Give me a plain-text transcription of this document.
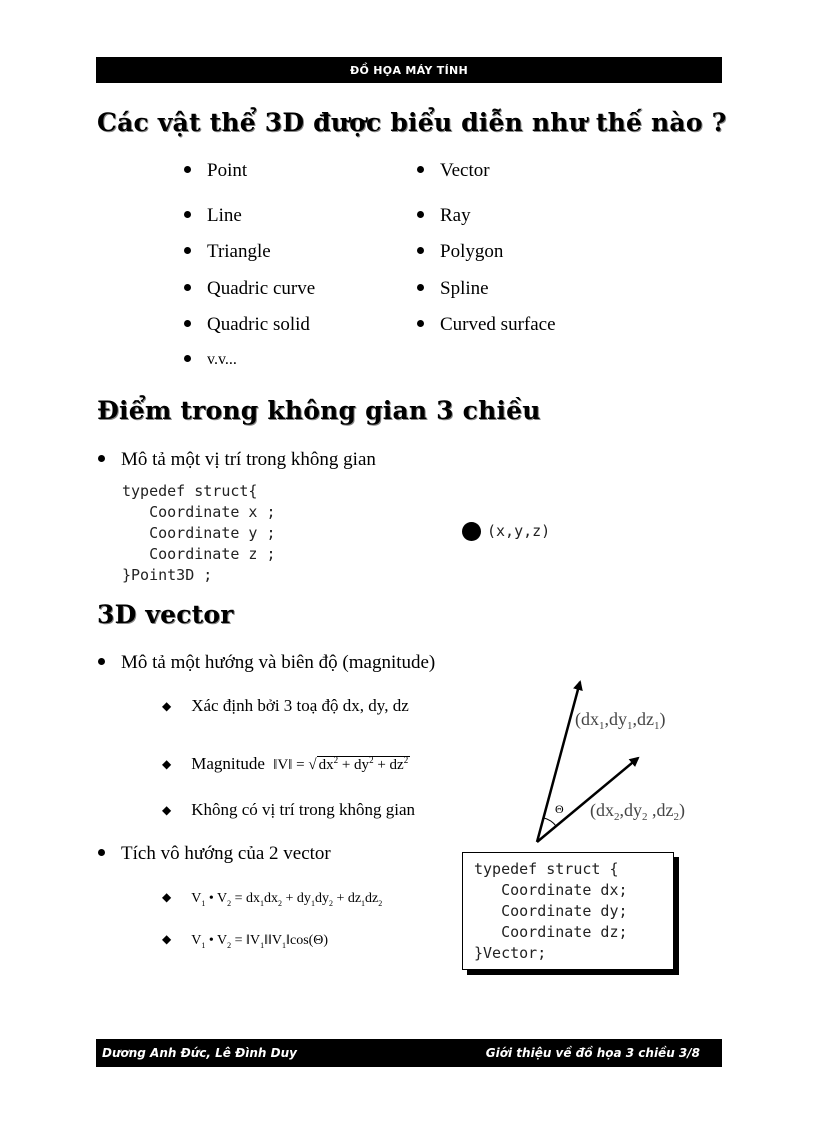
ĐỒ HỌA MÁY TÍNH
Các vật thể 3D được biểu diễn như thế nào ?
Point
Line
Triangle
Quadric curve
Quadric solid
v.v...
Vector
Ray
Polygon
Spline
Curved surface
Điểm trong không gian 3 chiều
Mô tả một vị trí trong không gian
typedef struct{
Coordinate x ;
Coordinate y ;
Coordinate z ;
}Point3D ;
(x,y,z)
3D vector
Mô tả một hướng và biên độ (magnitude)
◆ Xác định bởi 3 toạ độ dx, dy, dz
◆ Magnitude ‖V‖ = √ $dx^2 + dy^2 + dz^2$
◆ Không có vị trí trong không gian
Tích vô hướng của 2 vector
◆ $V_1$ • $V_2 = dx_1dx_2 + dy_1dy_2 + dz_1dz_2$
◆ $V_1$ • $V_2$ = $‖V_1‖‖V_1‖\cos(\Theta)$
Θ
$(dx_1,dy_1,dz_1)$
($dx_2,dy_2$ $,dz_2$)
typedef struct {
Coordinate dx;
Coordinate dy;
Coordinate dz;
}Vector;
Dương Anh Đức, Lê Đình Duy	Giới thiệu về đồ họa 3 chiều 3/8
